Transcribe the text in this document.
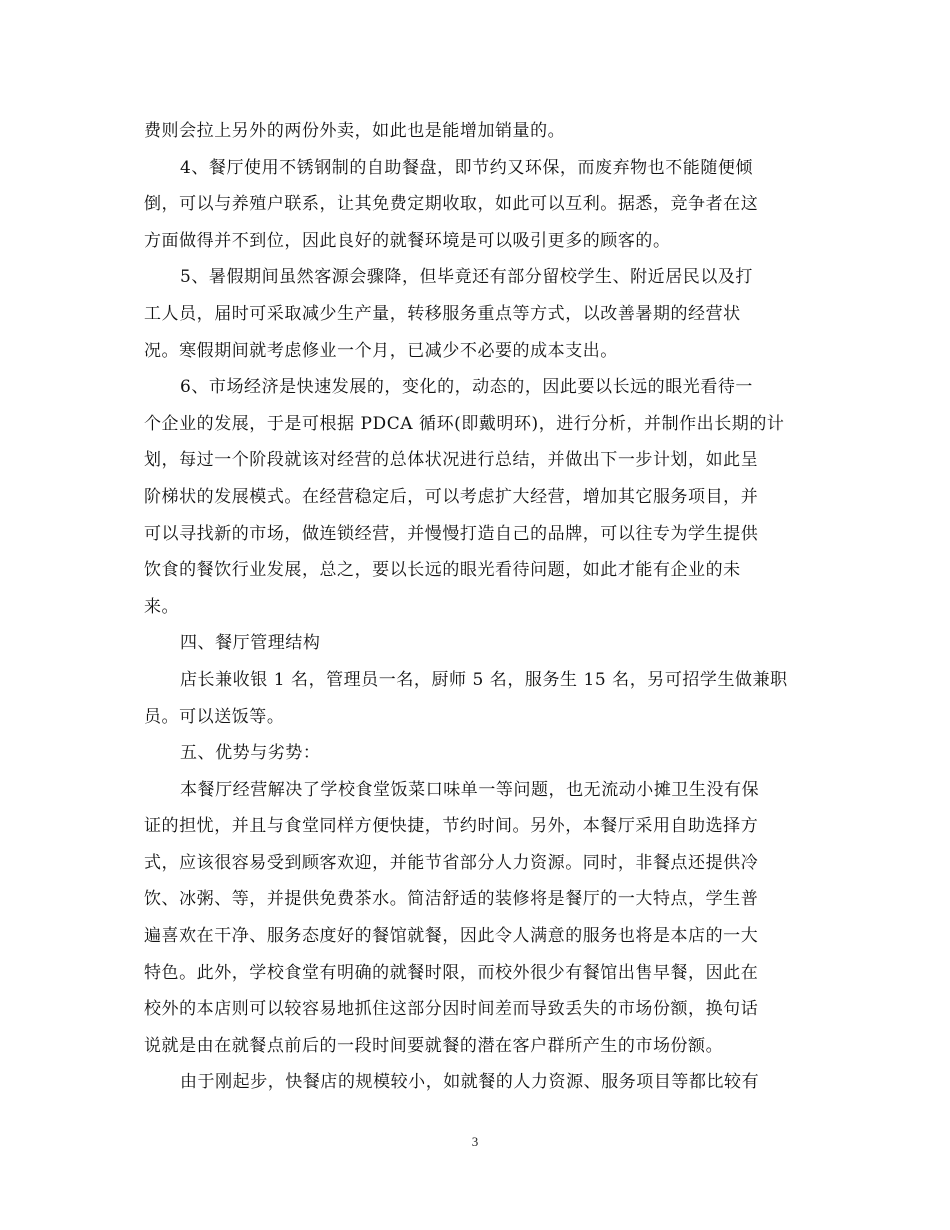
费则会拉上另外的两份外卖，如此也是能增加销量的。
4、餐厅使用不锈钢制的自助餐盘，即节约又环保，而废弃物也不能随便倾
倒，可以与养殖户联系，让其免费定期收取，如此可以互利。据悉，竞争者在这
方面做得并不到位，因此良好的就餐环境是可以吸引更多的顾客的。
5、暑假期间虽然客源会骤降，但毕竟还有部分留校学生、附近居民以及打
工人员，届时可采取减少生产量，转移服务重点等方式，以改善暑期的经营状
况。寒假期间就考虑修业一个月，已减少不必要的成本支出。
6、市场经济是快速发展的，变化的，动态的，因此要以长远的眼光看待一
个企业的发展，于是可根据 PDCA 循环(即戴明环)，进行分析，并制作出长期的计
划，每过一个阶段就该对经营的总体状况进行总结，并做出下一步计划，如此呈
阶梯状的发展模式。在经营稳定后，可以考虑扩大经营，增加其它服务项目，并
可以寻找新的市场，做连锁经营，并慢慢打造自己的品牌，可以往专为学生提供
饮食的餐饮行业发展，总之，要以长远的眼光看待问题，如此才能有企业的未
来。
四、餐厅管理结构
店长兼收银 1 名，管理员一名，厨师 5 名，服务生 15 名，另可招学生做兼职
员。可以送饭等。
五、优势与劣势：
本餐厅经营解决了学校食堂饭菜口味单一等问题，也无流动小摊卫生没有保
证的担忧，并且与食堂同样方便快捷，节约时间。另外，本餐厅采用自助选择方
式，应该很容易受到顾客欢迎，并能节省部分人力资源。同时，非餐点还提供冷
饮、冰粥、等，并提供免费茶水。简洁舒适的装修将是餐厅的一大特点，学生普
遍喜欢在干净、服务态度好的餐馆就餐，因此令人满意的服务也将是本店的一大
特色。此外，学校食堂有明确的就餐时限，而校外很少有餐馆出售早餐，因此在
校外的本店则可以较容易地抓住这部分因时间差而导致丢失的市场份额，换句话
说就是由在就餐点前后的一段时间要就餐的潜在客户群所产生的市场份额。
由于刚起步，快餐店的规模较小，如就餐的人力资源、服务项目等都比较有
3
